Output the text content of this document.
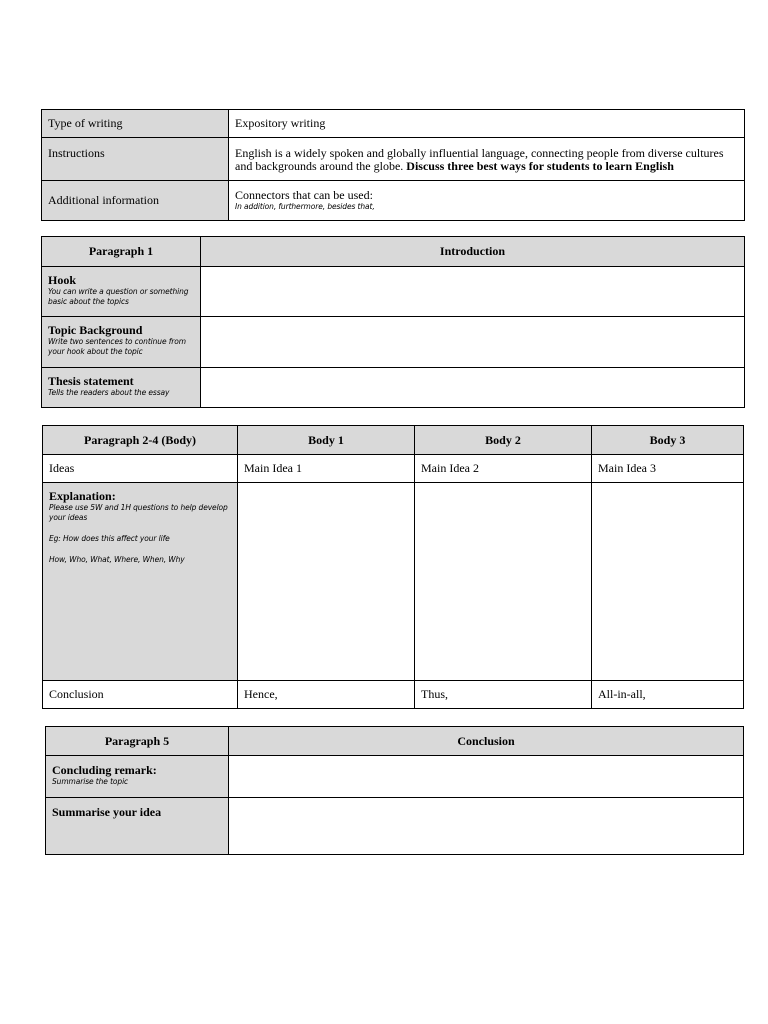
Type of writing	Expository writing
Instructions	English is a widely spoken and globally influential language, connecting people from diverse cultures and backgrounds around the globe. Discuss three best ways for students to learn English
Additional information	Connectors that can be used:
In addition, furthermore, besides that,
Paragraph 1	Introduction

Hook
You can write a question or something basic about the topics	

Topic Background
Write two sentences to continue from your hook about the topic	

Thesis statement
Tells the readers about the essay	

Paragraph 2-4 (Body)	Body 1	Body 2	Body 3
Ideas	Main Idea 1	Main Idea 2	Main Idea 3

Explanation:
Please use 5W and 1H questions to help develop your ideas
Eg: How does this affect your life
How, Who, What, Where, When, Why			

Conclusion	Hence,	Thus,	All-in-all,
Paragraph 5	Conclusion

Concluding remark:
Summarise the topic	

Summarise your idea	
